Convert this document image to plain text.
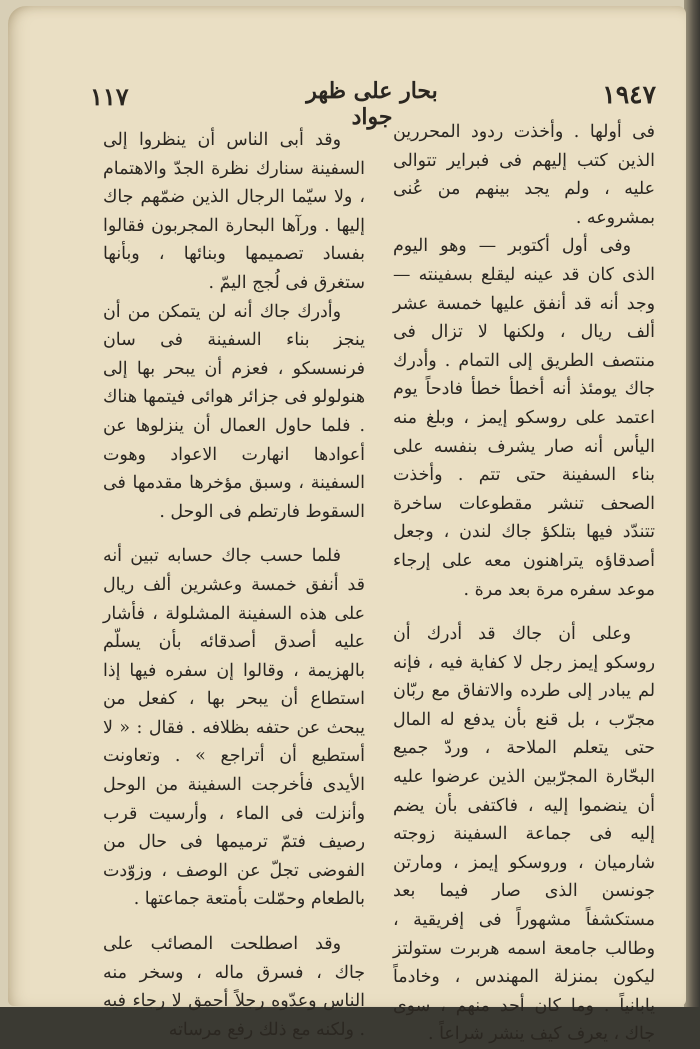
١١٧	بحار على ظهر جواد
١٩٤٧

فى أولها . وأخذت ردود المحررين الذين كتب إليهم فى فبراير تتوالى عليه ، ولم يجد بينهم من عُنى بمشروعه .

وفى أول أكتوبر — وهو اليوم الذى كان قد عينه ليقلع بسفينته — وجد أنه قد أنفق عليها خمسة عشر ألف ريال ، ولكنها لا تزال فى منتصف الطريق إلى التمام . وأدرك جاك يومئذ أنه أخطأ خطأ فادحاً يوم اعتمد على روسكو إيمز ، وبلغ منه اليأس أنه صار يشرف بنفسه على بناء السفينة حتى تتم . وأخذت الصحف تنشر مقطوعات ساخرة تتندّد فيها بتلكؤ جاك لندن ، وجعل أصدقاؤه يتراهنون معه على إرجاء موعد سفره مرة بعد مرة .

وعلى أن جاك قد أدرك أن روسكو إيمز رجل لا كفاية فيه ، فإنه لم يبادر إلى طرده والاتفاق مع ربّان مجرّب ، بل قنع بأن يدفع له المال حتى يتعلم الملاحة ، وردّ جميع البحّارة المجرّبين الذين عرضوا عليه أن ينضموا إليه ، فاكتفى بأن يضم إليه فى جماعة السفينة زوجته شارميان ، وروسكو إيمز ، ومارتن جونسن الذى صار فيما بعد مستكشفاً مشهوراً فى إفريقية ، وطالب جامعة اسمه هربرت ستولتز ليكون بمنزلة المهندس ، وخادماً يابانياً . وما كان أحد منهم ، سوى جاك ، يعرف كيف ينشر شراعاً .

وقد أبى الناس أن ينظروا إلى السفينة سنارك نظرة الجدّ والاهتمام ، ولا سيّما الرجال الذين ضمّهم جاك إليها . ورآها البحارة المجربون فقالوا بفساد تصميمها وبنائها ، وبأنها ستغرق فى لُجج اليمّ .

وأدرك جاك أنه لن يتمكن من أن ينجز بناء السفينة فى سان فرنسسكو ، فعزم أن يبحر بها إلى هنولولو فى جزائر هوائى فيتمها هناك . فلما حاول العمال أن ينزلوها عن أعوادها انهارت الاعواد وهوت السفينة ، وسبق مؤخرها مقدمها فى السقوط فارتطم فى الوحل .

فلما حسب جاك حسابه تبين أنه قد أنفق خمسة وعشرين ألف ريال على هذه السفينة المشلولة ، فأشار عليه أصدق أصدقائه بأن يسلّم بالهزيمة ، وقالوا إن سفره فيها إذا استطاع أن يبحر بها ، كفعل من يبحث عن حتفه بظلافه . فقال : « لا أستطيع أن أتراجع » . وتعاونت الأيدى فأخرجت السفينة من الوحل وأنزلت فى الماء ، وأرسيت قرب رصيف فتمّ ترميمها فى حال من الفوضى تجلّ عن الوصف ، وزوّدت بالطعام وحمّلت بأمتعة جماعتها .

وقد اصطلحت المصائب على جاك ، فسرق ماله ، وسخر منه الناس وعدّوه رجلاً أحمق لا رجاء فيه . ولكنه مع ذلك رفع مرساته
